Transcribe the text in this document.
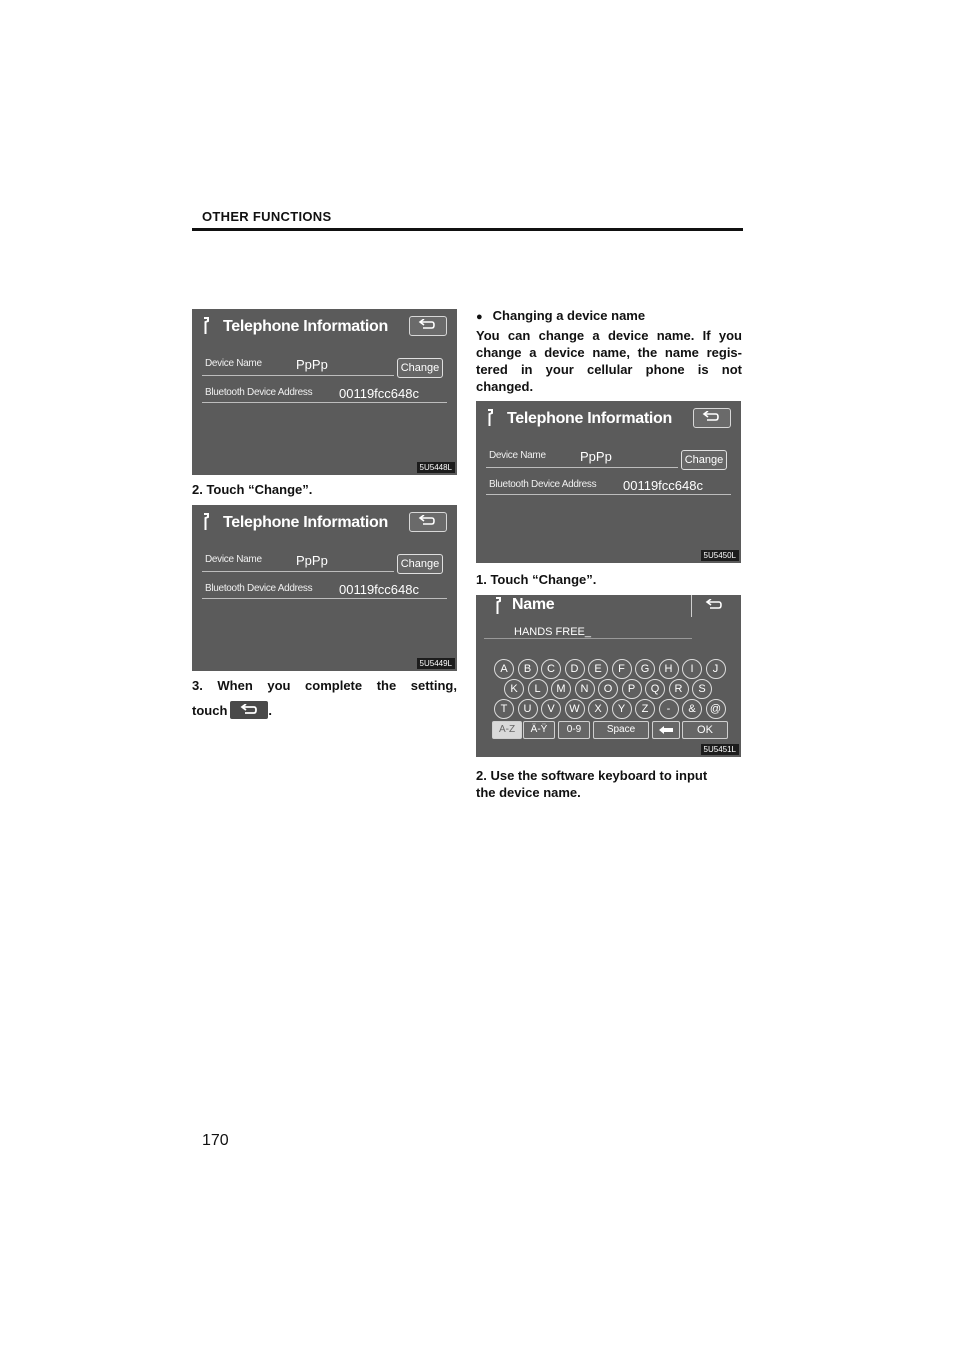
OTHER FUNCTIONS
Telephone Information
Device Name	PpPp	Change
Bluetooth Device Address 00119fcc648c
5U5448L
2. Touch “Change”.
Telephone Information
Device Name	PpPp	Change
Bluetooth Device Address 00119fcc648c
5U5449L
3. When you complete the setting,
touch	.
● Changing a device name
You can change a device name. If you
change a device name, the name regis-
tered  in  your  cellular  phone  is  not
changed.
Telephone Information
Device Name	PpPp	Change
Bluetooth Device Address 00119fcc648c
5U5450L
1. Touch “Change”.
Name
HANDS FREE_
A	B	C	D	E	F	G	H	I	J
K	L	M	N	O	P	Q	R	S
T	U	V	W	X	Y	Z	-	&	@
A-Z	Ä-Ÿ	0-9	Space	OK
5U5451L
2. Use the software keyboard to input
the device name.
170
